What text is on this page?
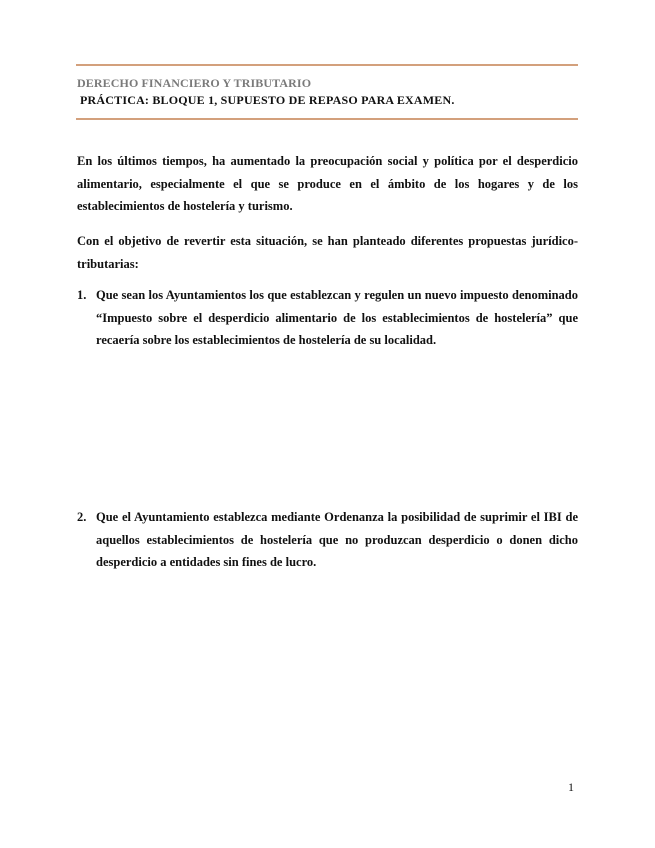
DERECHO FINANCIERO Y TRIBUTARIO
PRÁCTICA: BLOQUE 1, SUPUESTO DE REPASO PARA EXAMEN.

En los últimos tiempos, ha aumentado la preocupación social y política por el desperdicio alimentario, especialmente el que se produce en el ámbito de los hogares y de los establecimientos de hostelería y turismo.

Con el objetivo de revertir esta situación, se han planteado diferentes propuestas jurídico-tributarias:

1. Que sean los Ayuntamientos los que establezcan y regulen un nuevo impuesto denominado “Impuesto sobre el desperdicio alimentario de los establecimientos de hostelería” que recaería sobre los establecimientos de hostelería de su localidad.

2. Que el Ayuntamiento establezca mediante Ordenanza la posibilidad de suprimir el IBI de aquellos establecimientos de hostelería que no produzcan desperdicio o donen dicho desperdicio a entidades sin fines de lucro.

1
